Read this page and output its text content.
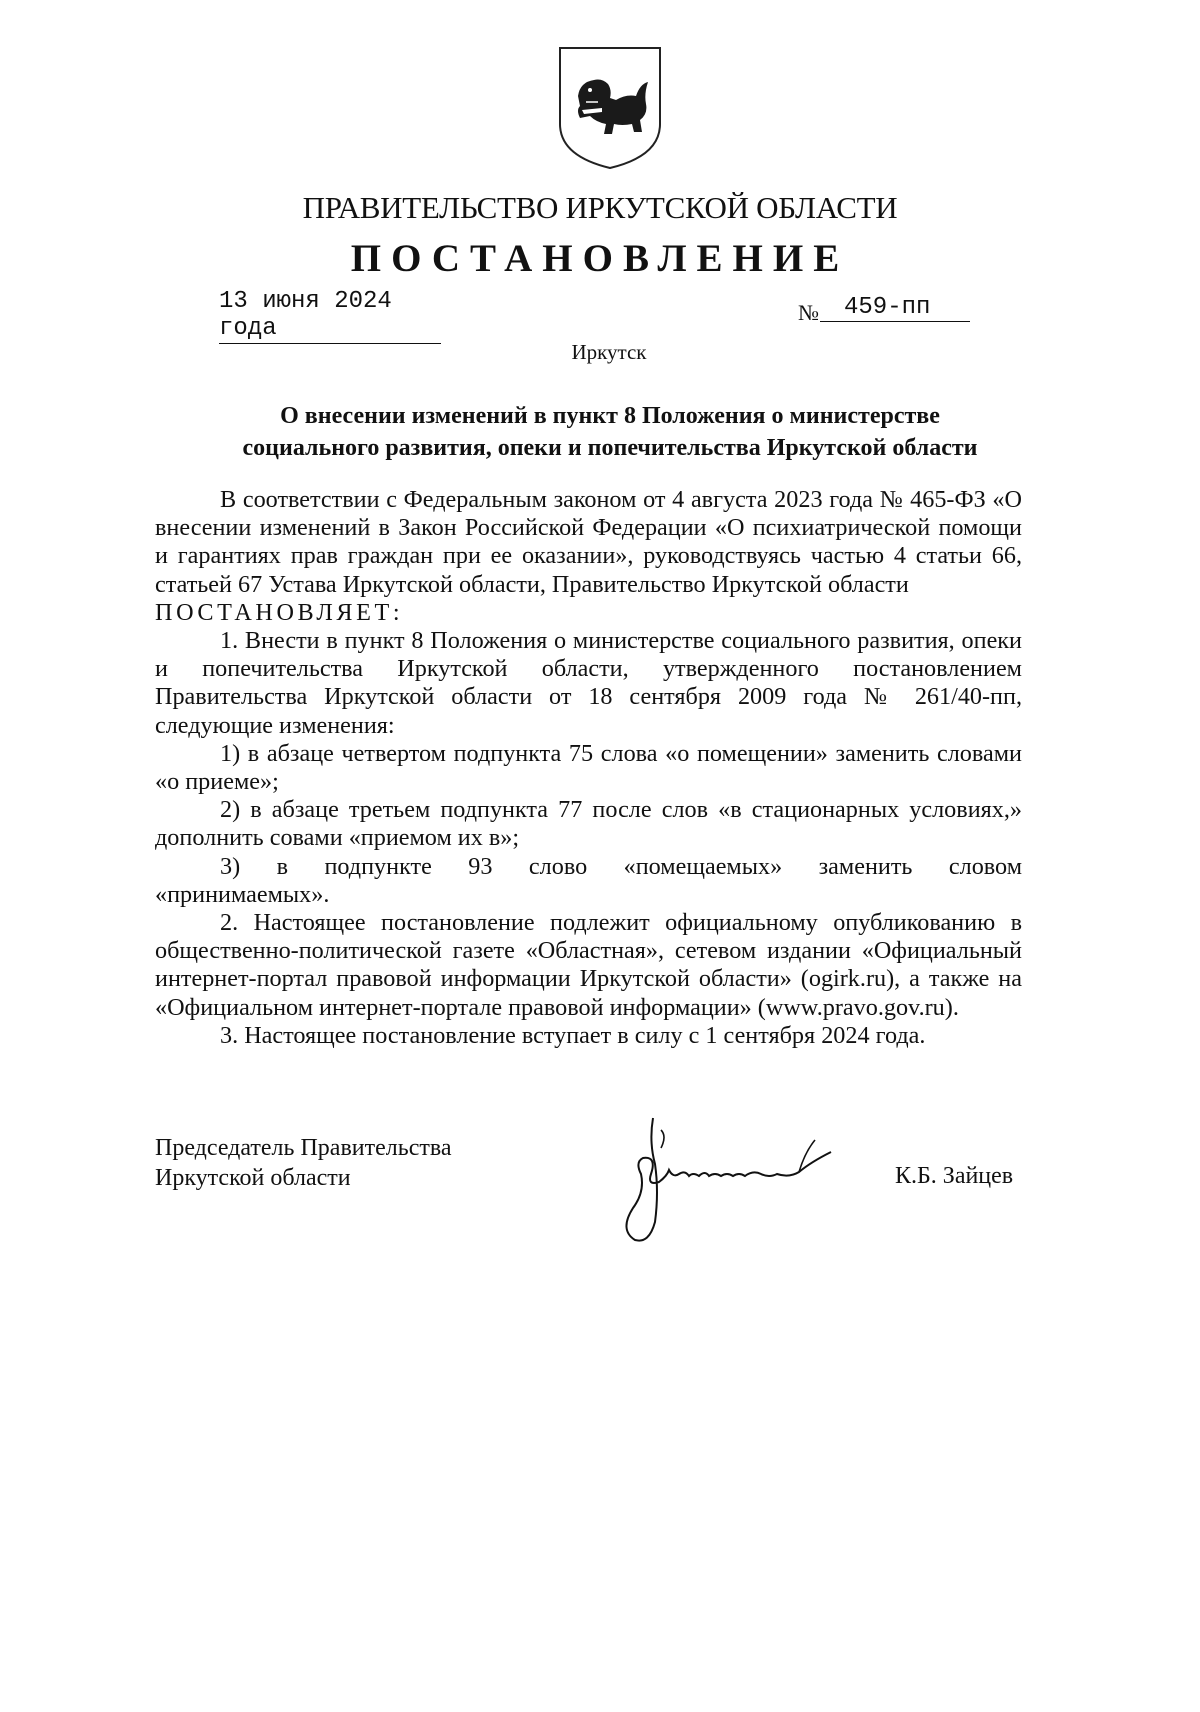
ПРАВИТЕЛЬСТВО ИРКУТСКОЙ ОБЛАСТИ
ПОСТАНОВЛЕНИЕ
13 июня 2024 года
№	459-пп
Иркутск
О внесении изменений в пункт 8 Положения о министерстве
социального развития, опеки и попечительства Иркутской области

В соответствии с Федеральным законом от 4 августа 2023 года № 465-ФЗ «О внесении изменений в Закон Российской Федерации «О психиатрической помощи и гарантиях прав граждан при ее оказании», руководствуясь частью 4 статьи 66, статьей 67 Устава Иркутской области, Правительство Иркутской области

ПОСТАНОВЛЯЕТ:

1. Внести в пункт 8 Положения о министерстве социального развития, опеки и попечительства Иркутской области, утвержденного постановлением Правительства Иркутской области от 18 сентября 2009 года № 261/40-пп, следующие изменения:

1) в абзаце четвертом подпункта 75 слова «о помещении» заменить словами «о приеме»;

2) в абзаце третьем подпункта 77 после слов «в стационарных условиях,» дополнить совами «приемом их в»;

3) в подпункте 93 слово «помещаемых» заменить словом

«принимаемых».

2. Настоящее постановление подлежит официальному опубликованию в общественно-политической газете «Областная», сетевом издании «Официальный интернет-портал правовой информации Иркутской области» (ogirk.ru), а также на «Официальном интернет-портале правовой информации» (www.pravo.gov.ru).

3. Настоящее постановление вступает в силу с 1 сентября 2024 года.

Председатель Правительства
Иркутской области	К.Б. Зайцев
